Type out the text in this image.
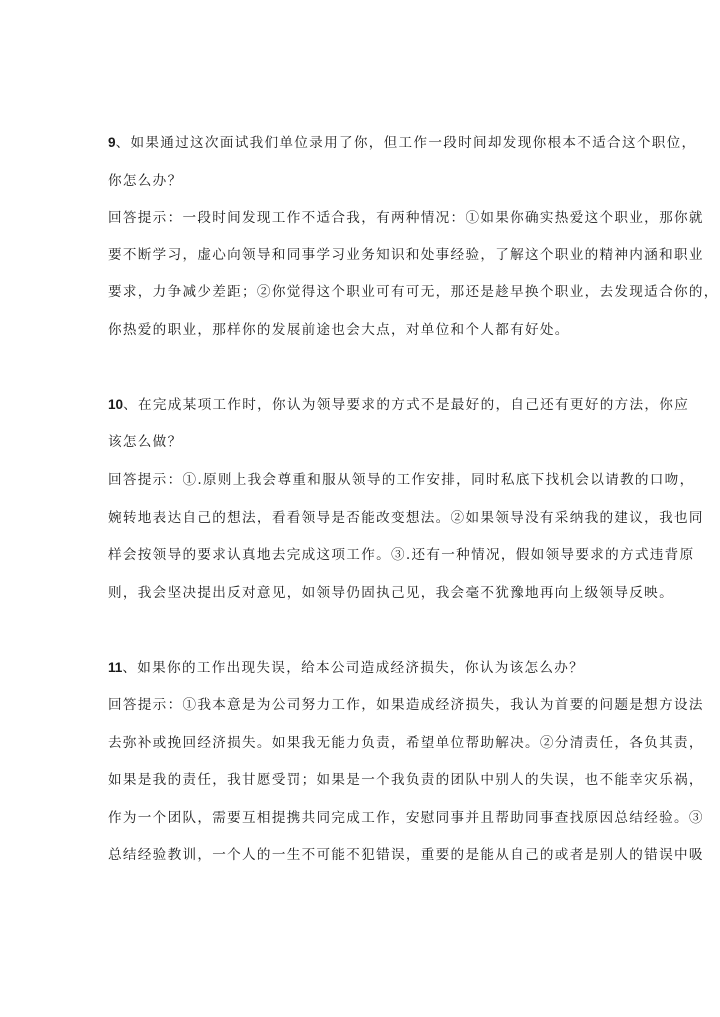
9、如果通过这次面试我们单位录用了你，但工作一段时间却发现你根本不适合这个职位，
你怎么办？
回答提示：一段时间发现工作不适合我，有两种情况：①如果你确实热爱这个职业，那你就
要不断学习，虚心向领导和同事学习业务知识和处事经验，了解这个职业的精神内涵和职业
要求，力争减少差距；②你觉得这个职业可有可无，那还是趁早换个职业，去发现适合你的，
你热爱的职业，那样你的发展前途也会大点，对单位和个人都有好处。
10、在完成某项工作时，你认为领导要求的方式不是最好的，自己还有更好的方法，你应
该怎么做？
回答提示：①.原则上我会尊重和服从领导的工作安排，同时私底下找机会以请教的口吻，
婉转地表达自己的想法，看看领导是否能改变想法。②如果领导没有采纳我的建议，我也同
样会按领导的要求认真地去完成这项工作。③.还有一种情况，假如领导要求的方式违背原
则，我会坚决提出反对意见，如领导仍固执己见，我会毫不犹豫地再向上级领导反映。
11、如果你的工作出现失误，给本公司造成经济损失，你认为该怎么办？
回答提示：①我本意是为公司努力工作，如果造成经济损失，我认为首要的问题是想方设法
去弥补或挽回经济损失。如果我无能力负责，希望单位帮助解决。②分清责任，各负其责，
如果是我的责任，我甘愿受罚；如果是一个我负责的团队中别人的失误，也不能幸灾乐祸，
作为一个团队，需要互相提携共同完成工作，安慰同事并且帮助同事查找原因总结经验。③
总结经验教训，一个人的一生不可能不犯错误，重要的是能从自己的或者是别人的错误中吸
